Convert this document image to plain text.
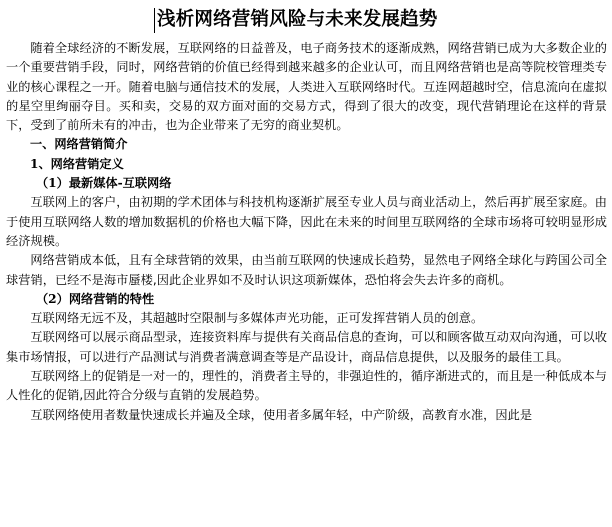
浅析网络营销风险与未来发展趋势

随着全球经济的不断发展，互联网络的日益普及，电子商务技术的逐渐成熟，网络营销已成为大多数企业的一个重要营销手段，同时，网络营销的价值已经得到越来越多的企业认可，而且网络营销也是高等院校管理类专业的核心课程之一开。随着电脑与通信技术的发展，人类进入互联网络时代。互连网超越时空，信息流向在虚拟的星空里绚丽夺目。买和卖，交易的双方面对面的交易方式，得到了很大的改变，现代营销理论在这样的背景下，受到了前所未有的冲击，也为企业带来了无穷的商业契机。

一、网络营销简介
1、网络营销定义
（1）最新媒体-互联网络

互联网上的客户，由初期的学术团体与科技机构逐渐扩展至专业人员与商业活动上，然后再扩展至家庭。由于使用互联网络人数的增加数据机的价格也大幅下降，因此在未来的时间里互联网络的全球市场将可较明显形成经济规模。

网络营销成本低，且有全球营销的效果，由当前互联网的快速成长趋势，显然电子网络全球化与跨国公司全球营销，已经不是海市蜃楼,因此企业界如不及时认识这项新媒体，恐怕将会失去许多的商机。

（2）网络营销的特性

互联网络无远不及，其超越时空限制与多媒体声光功能，正可发挥营销人员的创意。

互联网络可以展示商品型录，连接资料库与提供有关商品信息的查询，可以和顾客做互动双向沟通，可以收集市场情报，可以进行产品测试与消费者满意调查等是产品设计，商品信息提供，以及服务的最佳工具。

互联网络上的促销是一对一的，理性的，消费者主导的，非强迫性的，循序渐进式的，而且是一种低成本与人性化的促销,因此符合分级与直销的发展趋势。

互联网络使用者数量快速成长并遍及全球，使用者多属年轻，中产阶级，高教育水准，因此是
